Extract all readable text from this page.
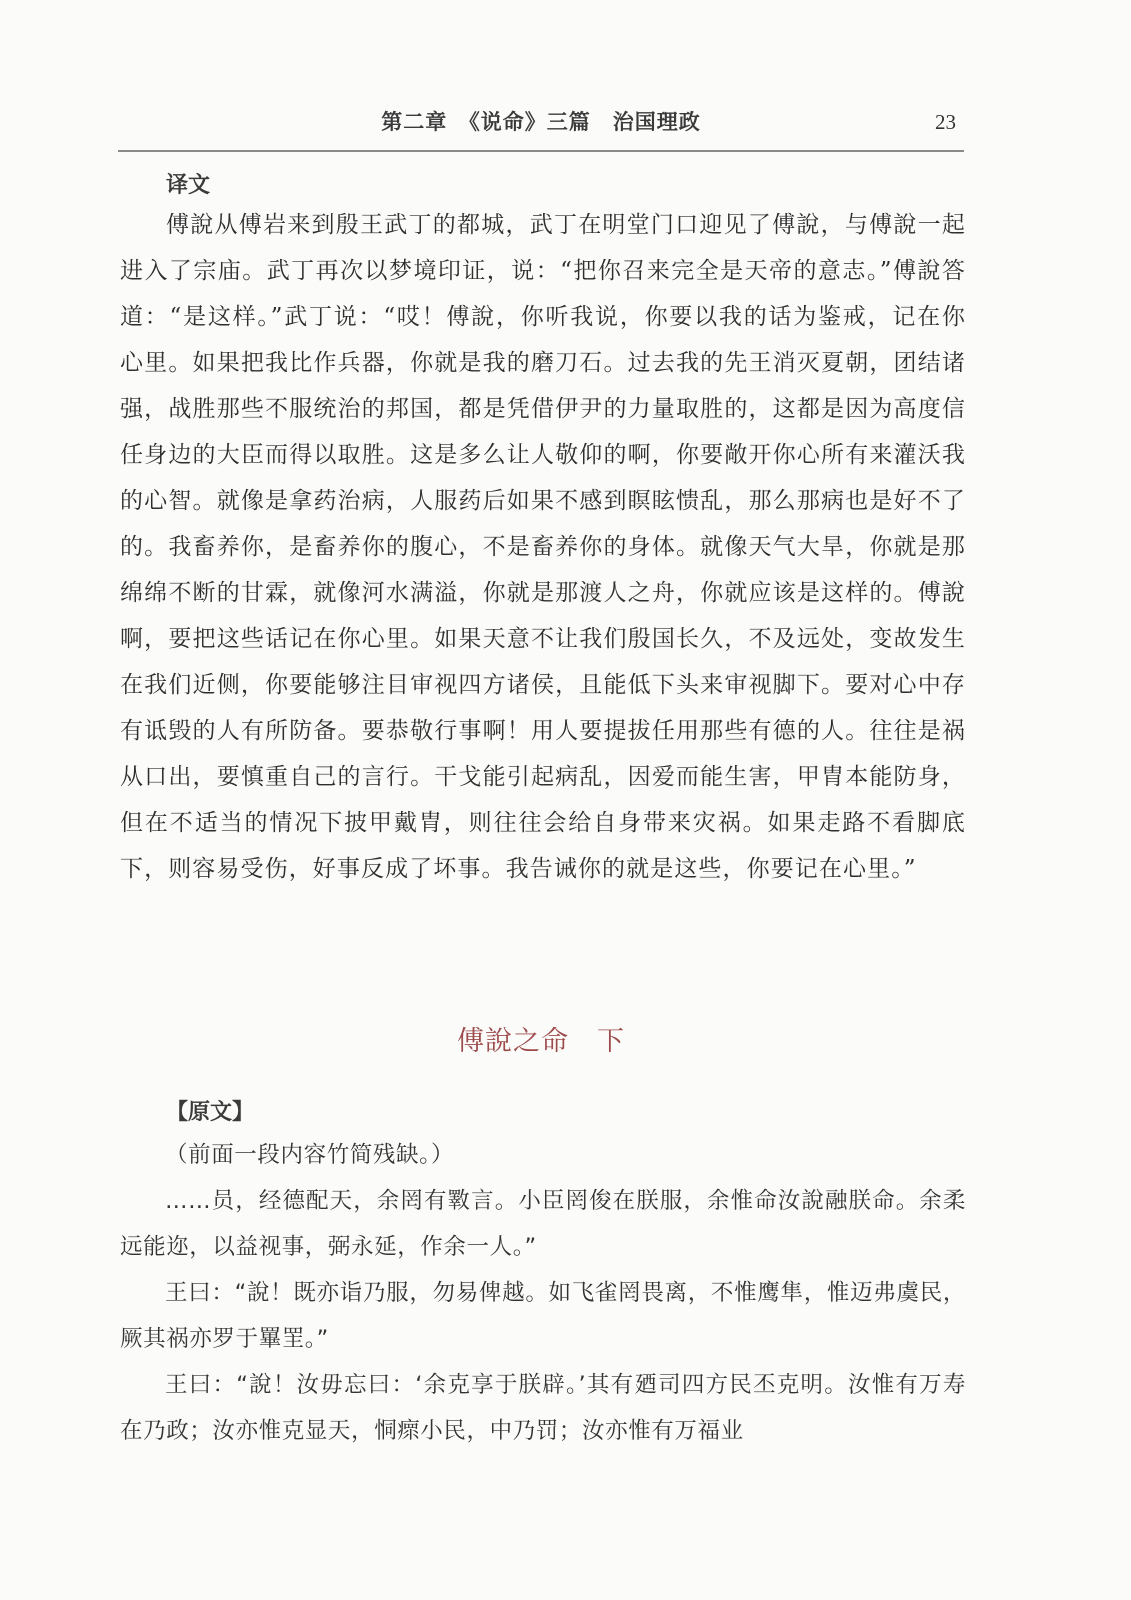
第二章　《说命》三篇　治国理政	23
译文

傅說从傅岩来到殷王武丁的都城，武丁在明堂门口迎见了傅說，与傅說一起进入了宗庙。武丁再次以梦境印证，说：“把你召来完全是天帝的意志。”傅說答道：“是这样。”武丁说：“哎！傅說，你听我说，你要以我的话为鉴戒，记在你心里。如果把我比作兵器，你就是我的磨刀石。过去我的先王消灭夏朝，团结诸强，战胜那些不服统治的邦国，都是凭借伊尹的力量取胜的，这都是因为高度信任身边的大臣而得以取胜。这是多么让人敬仰的啊，你要敞开你心所有来灌沃我的心智。就像是拿药治病，人服药后如果不感到瞑眩愦乱，那么那病也是好不了的。我畜养你，是畜养你的腹心，不是畜养你的身体。就像天气大旱，你就是那绵绵不断的甘霖，就像河水满溢，你就是那渡人之舟，你就应该是这样的。傅說啊，要把这些话记在你心里。如果天意不让我们殷国长久，不及远处，变故发生在我们近侧，你要能够注目审视四方诸侯，且能低下头来审视脚下。要对心中存有诋毁的人有所防备。要恭敬行事啊！用人要提拔任用那些有德的人。往往是祸从口出，要慎重自己的言行。干戈能引起病乱，因爱而能生害，甲胄本能防身，但在不适当的情况下披甲戴胄，则往往会给自身带来灾祸。如果走路不看脚底下，则容易受伤，好事反成了坏事。我告诫你的就是这些，你要记在心里。”

傅說之命　下
【原文】

（前面一段内容竹简残缺。）

……员，经德配天，余罔有斁言。小臣罔俊在朕服，余惟命汝說融朕命。余柔远能迩，以益视事，弼永延，作余一人。”

王曰：“說！既亦诣乃服，勿易俾越。如飞雀罔畏离，不惟鹰隼，惟迈弗虞民，厥其祸亦罗于罼罜。”

王曰：“說！汝毋忘曰：‘余克享于朕辟。’其有廼司四方民丕克明。汝惟有万寿在乃政；汝亦惟克显天，恫瘝小民，中乃罚；汝亦惟有万福业
